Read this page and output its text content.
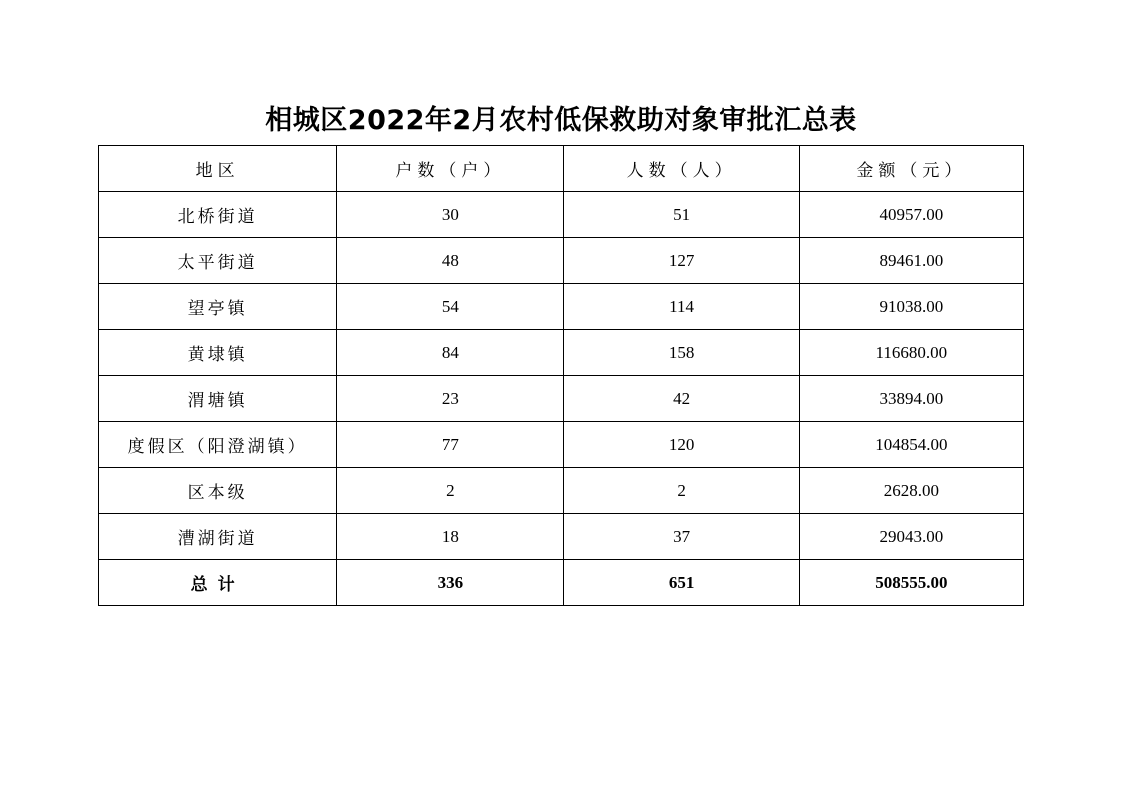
相城区2022年2月农村低保救助对象审批汇总表
地区	户数（户）	人数（人）	金额（元）
北桥街道	30	51	40957.00
太平街道	48	127	89461.00
望亭镇	54	114	91038.00
黄埭镇	84	158	116680.00
渭塘镇	23	42	33894.00
度假区（阳澄湖镇）	77	120	104854.00
区本级	2	2	2628.00
漕湖街道	18	37	29043.00
总计	336	651	508555.00
